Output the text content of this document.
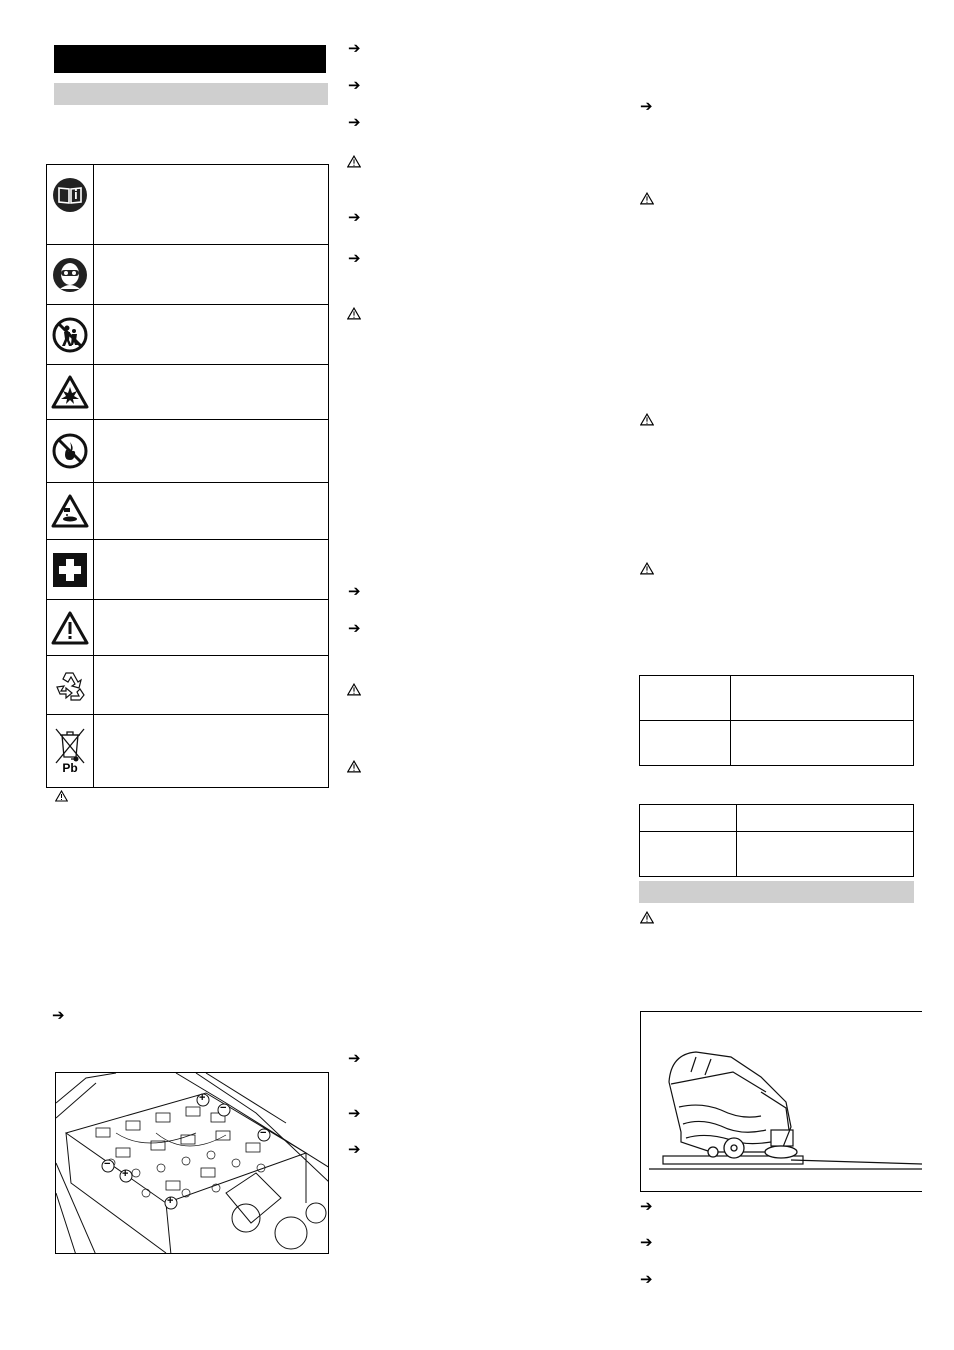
Pb
➔
+
−
−
−
+
+
➔
➔
➔
➔
➔
➔
➔
➔
➔
➔
➔
➔
➔
➔
